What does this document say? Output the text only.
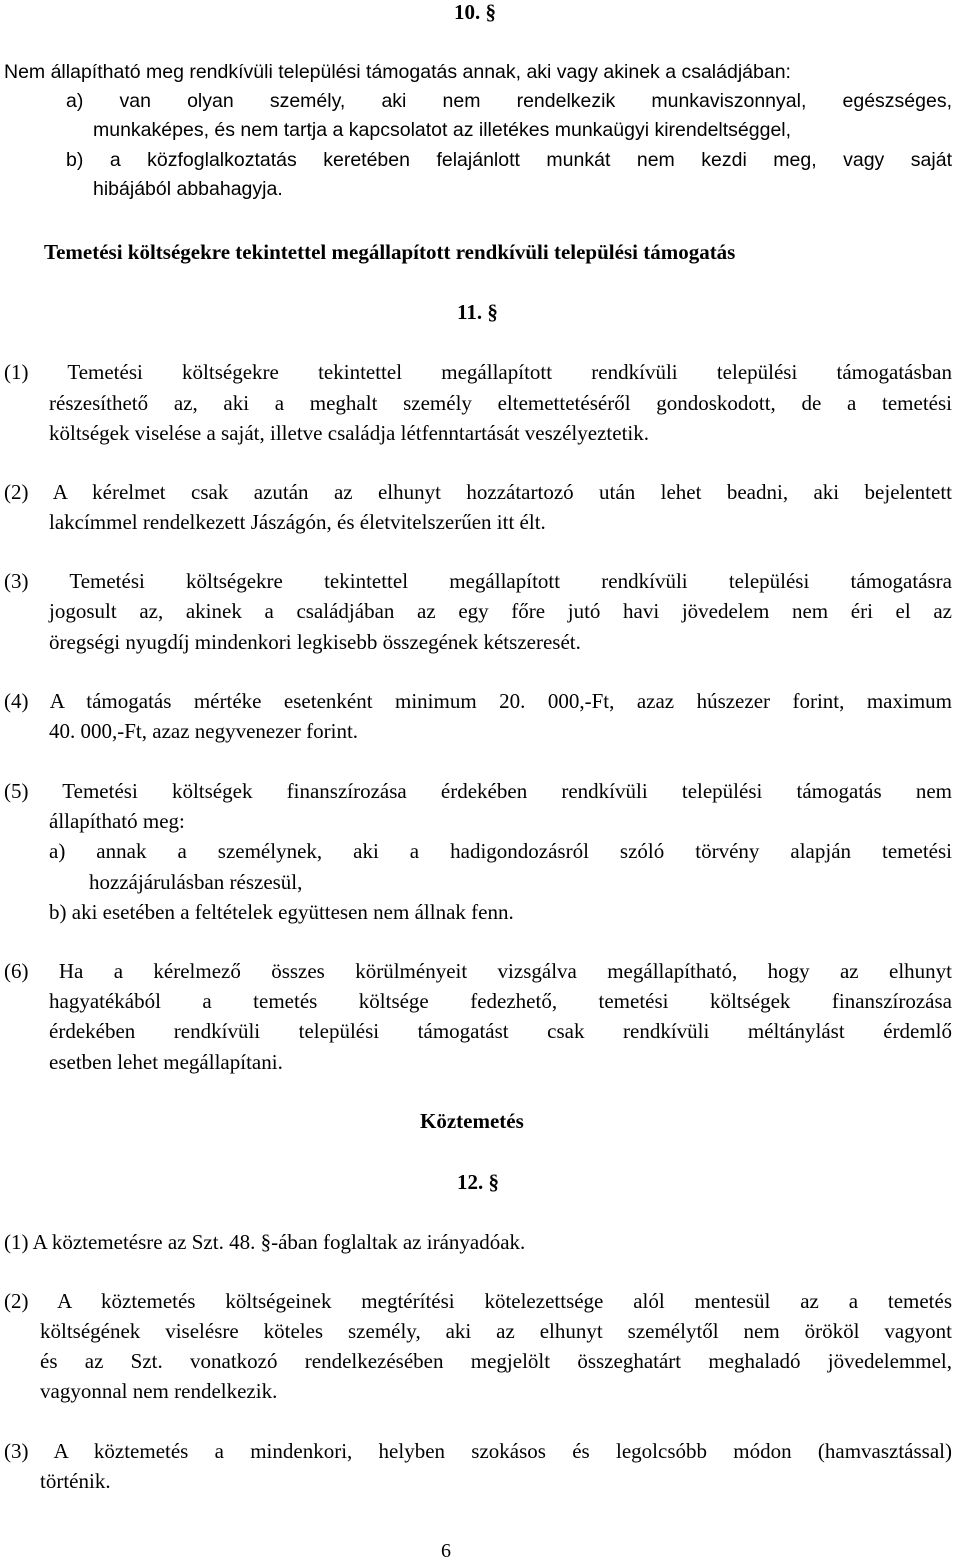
10. §
Nem állapítható meg rendkívüli települési támogatás annak, aki vagy akinek a családjában:
a) van olyan személy, aki nem rendelkezik munkaviszonnyal, egészséges,
munkaképes, és nem tartja a kapcsolatot az illetékes munkaügyi kirendeltséggel,
b) a közfoglalkoztatás keretében felajánlott munkát nem kezdi meg, vagy saját
hibájából abbahagyja.
Temetési költségekre tekintettel megállapított rendkívüli települési támogatás
11. §
(1) Temetési költségekre tekintettel megállapított rendkívüli települési támogatásban
részesíthető az, aki a meghalt személy eltemettetéséről gondoskodott, de a temetési
költségek viselése a saját, illetve családja létfenntartását veszélyeztetik.
(2) A kérelmet csak azután az elhunyt hozzátartozó után lehet beadni, aki bejelentett
lakcímmel rendelkezett Jászágón, és életvitelszerűen itt élt.
(3) Temetési költségekre tekintettel megállapított rendkívüli települési támogatásra
jogosult az, akinek a családjában az egy főre jutó havi jövedelem nem éri el az
öregségi nyugdíj mindenkori legkisebb összegének kétszeresét.
(4) A támogatás mértéke esetenként minimum 20. 000,-Ft, azaz húszezer forint, maximum
40. 000,-Ft, azaz negyvenezer forint.
(5) Temetési költségek finanszírozása érdekében rendkívüli települési támogatás nem
állapítható meg:
a) annak a személynek, aki a hadigondozásról szóló törvény alapján temetési
hozzájárulásban részesül,
b) aki esetében a feltételek együttesen nem állnak fenn.
(6) Ha a kérelmező összes körülményeit vizsgálva megállapítható, hogy az elhunyt
hagyatékából a temetés költsége fedezhető, temetési költségek finanszírozása
érdekében rendkívüli települési támogatást csak rendkívüli méltánylást érdemlő
esetben lehet megállapítani.
Köztemetés
12. §
(1) A köztemetésre az Szt. 48. §-ában foglaltak az irányadóak.
(2) A köztemetés költségeinek megtérítési kötelezettsége alól mentesül az a temetés
költségének viselésre köteles személy, aki az elhunyt személytől nem örököl vagyont
és az Szt. vonatkozó rendelkezésében megjelölt összeghatárt meghaladó jövedelemmel,
vagyonnal nem rendelkezik.
(3) A köztemetés a mindenkori, helyben szokásos és legolcsóbb módon (hamvasztással)
történik.
6
